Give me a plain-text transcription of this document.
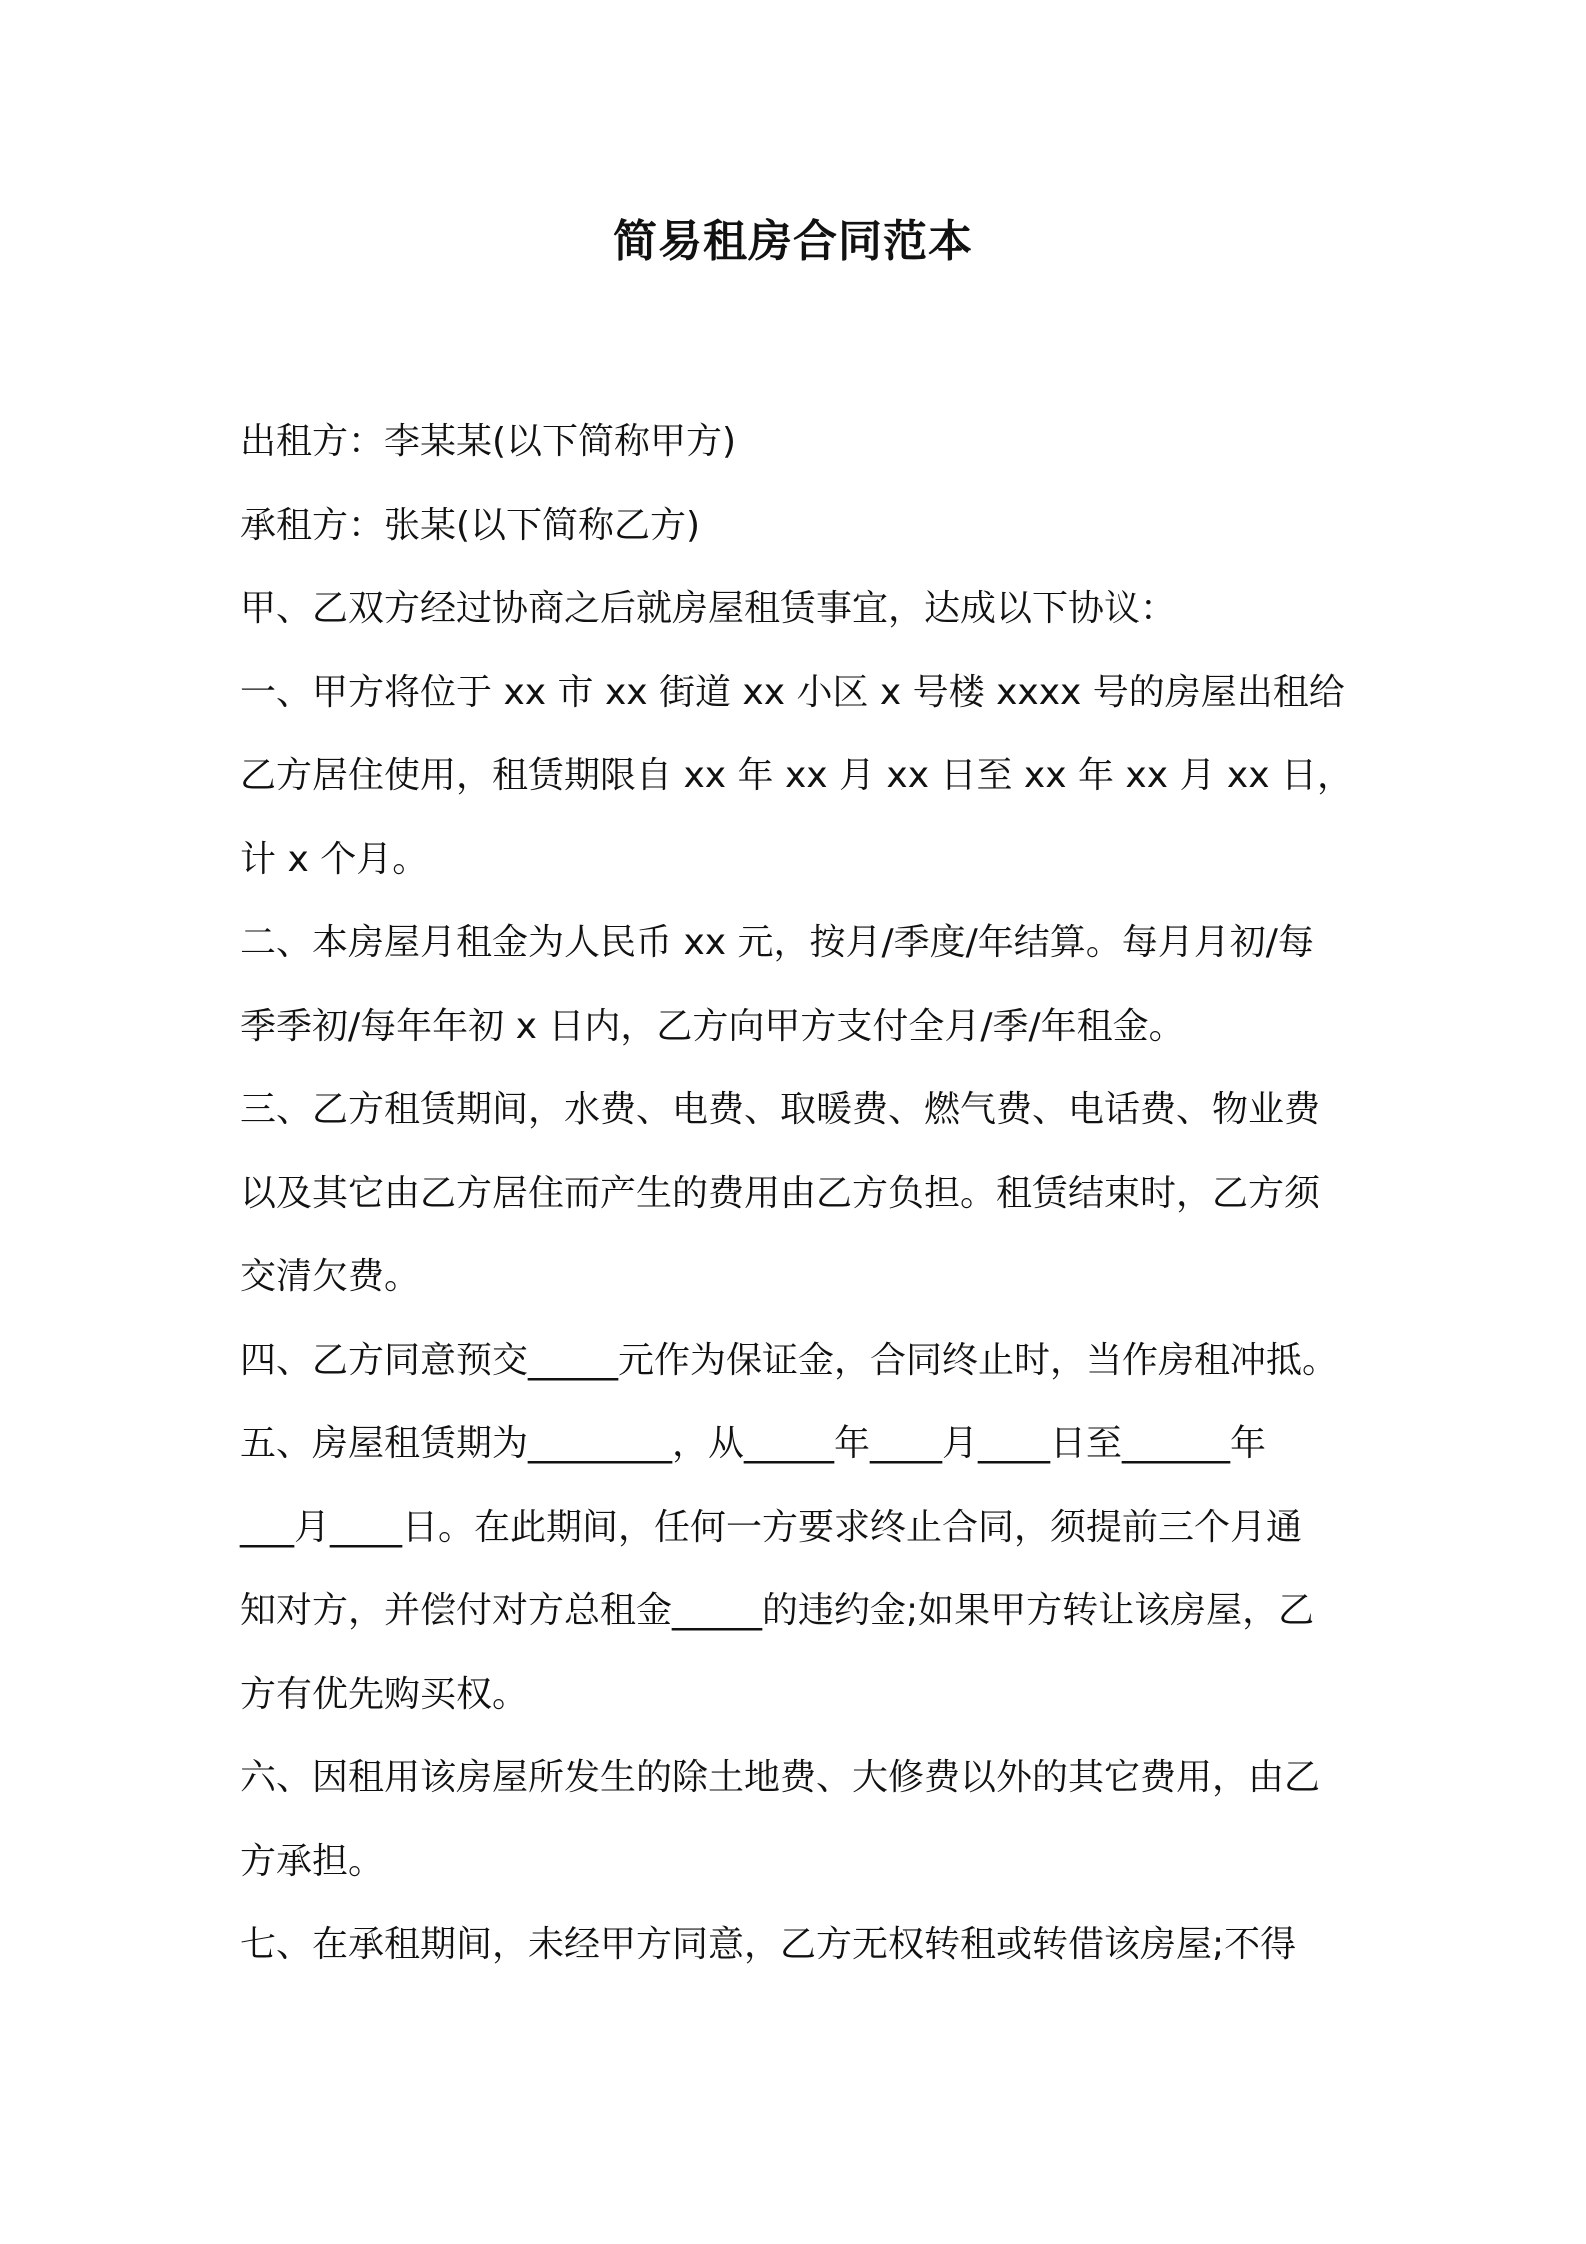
简易租房合同范本
出租方：李某某(以下简称甲方)
承租方：张某(以下简称乙方)
甲、乙双方经过协商之后就房屋租赁事宜，达成以下协议：
一、甲方将位于 xx 市 xx 街道 xx 小区 x 号楼 xxxx 号的房屋出租给
乙方居住使用，租赁期限自 xx 年 xx 月 xx 日至 xx 年 xx 月 xx 日，
计 x 个月。
二、本房屋月租金为人民币 xx 元，按月/季度/年结算。每月月初/每
季季初/每年年初 x 日内，乙方向甲方支付全月/季/年租金。
三、乙方租赁期间，水费、电费、取暖费、燃气费、电话费、物业费
以及其它由乙方居住而产生的费用由乙方负担。租赁结束时，乙方须
交清欠费。
四、乙方同意预交_____元作为保证金，合同终止时，当作房租冲抵。
五、房屋租赁期为________，从_____年____月____日至______年
___月____日。在此期间，任何一方要求终止合同，须提前三个月通
知对方，并偿付对方总租金_____的违约金;如果甲方转让该房屋，乙
方有优先购买权。
六、因租用该房屋所发生的除土地费、大修费以外的其它费用，由乙
方承担。
七、在承租期间，未经甲方同意，乙方无权转租或转借该房屋;不得
